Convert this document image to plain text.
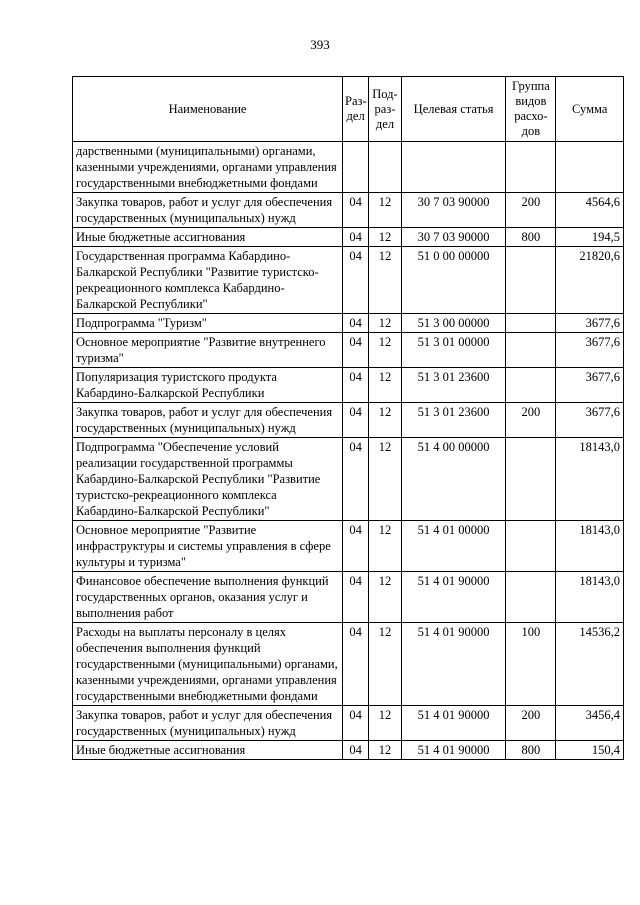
393
Наименование	Раз-дел	Под-раз-дел	Целевая статья	Группа видов расхо-дов	Сумма
дарственными (муниципальными) органами, казенными учреждениями, органами управления государственными внебюджетными фондами					
Закупка товаров, работ и услуг для обеспечения государственных (муниципальных) нужд	04	12	30 7 03 90000	200	4564,6
Иные бюджетные ассигнования	04	12	30 7 03 90000	800	194,5
Государственная программа Кабардино-Балкарской Республики "Развитие туристско-рекреационного комплекса Кабардино-Балкарской Республики"	04	12	51 0 00 00000		21820,6
Подпрограмма "Туризм"	04	12	51 3 00 00000		3677,6
Основное мероприятие "Развитие внутреннего туризма"	04	12	51 3 01 00000		3677,6
Популяризация туристского продукта Кабардино-Балкарской Республики	04	12	51 3 01 23600		3677,6
Закупка товаров, работ и услуг для обеспечения государственных (муниципальных) нужд	04	12	51 3 01 23600	200	3677,6
Подпрограмма "Обеспечение условий реализации государственной программы Кабардино-Балкарской Республики "Развитие туристско-рекреационного комплекса Кабардино-Балкарской Республики"	04	12	51 4 00 00000		18143,0
Основное мероприятие "Развитие инфраструктуры и системы управления в сфере культуры и туризма"	04	12	51 4 01 00000		18143,0
Финансовое обеспечение выполнения функций государственных органов, оказания услуг и выполнения работ	04	12	51 4 01 90000		18143,0
Расходы на выплаты персоналу в целях обеспечения выполнения функций государственными (муниципальными) органами, казенными учреждениями, органами управления государственными внебюджетными фондами	04	12	51 4 01 90000	100	14536,2
Закупка товаров, работ и услуг для обеспечения государственных (муниципальных) нужд	04	12	51 4 01 90000	200	3456,4
Иные бюджетные ассигнования	04	12	51 4 01 90000	800	150,4
